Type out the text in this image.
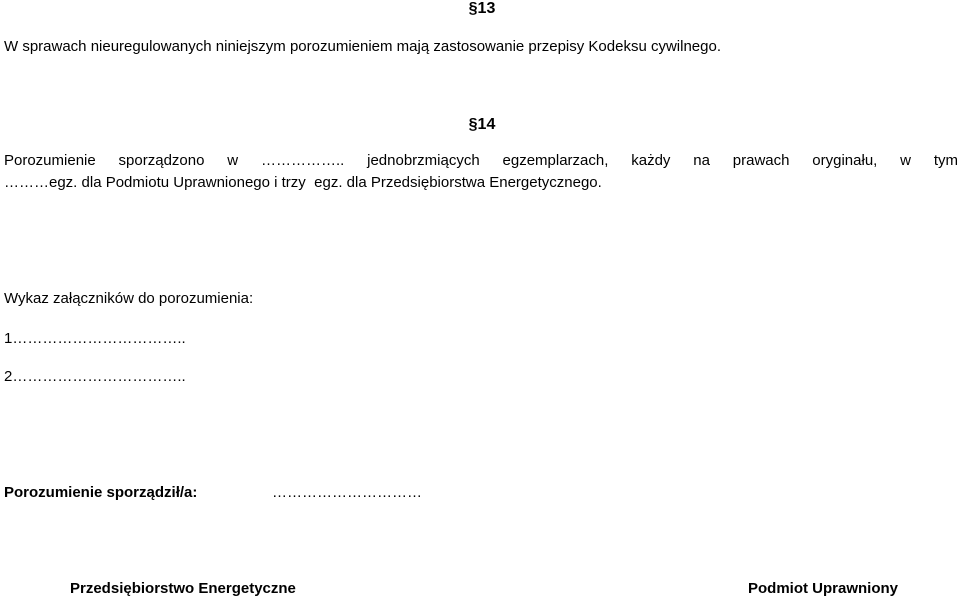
§13
W sprawach nieuregulowanych niniejszym porozumieniem mają zastosowanie przepisy Kodeksu cywilnego.
§14
Porozumienie sporządzono w …………….. jednobrzmiących egzemplarzach, każdy na prawach oryginału, w tym
………egz. dla Podmiotu Uprawnionego i trzy  egz. dla Przedsiębiorstwa Energetycznego.
Wykaz załączników do porozumienia:
1……………………………..
2……………………………..
Porozumienie sporządził/a:	…………………………
Przedsiębiorstwo Energetyczne	Podmiot Uprawniony
